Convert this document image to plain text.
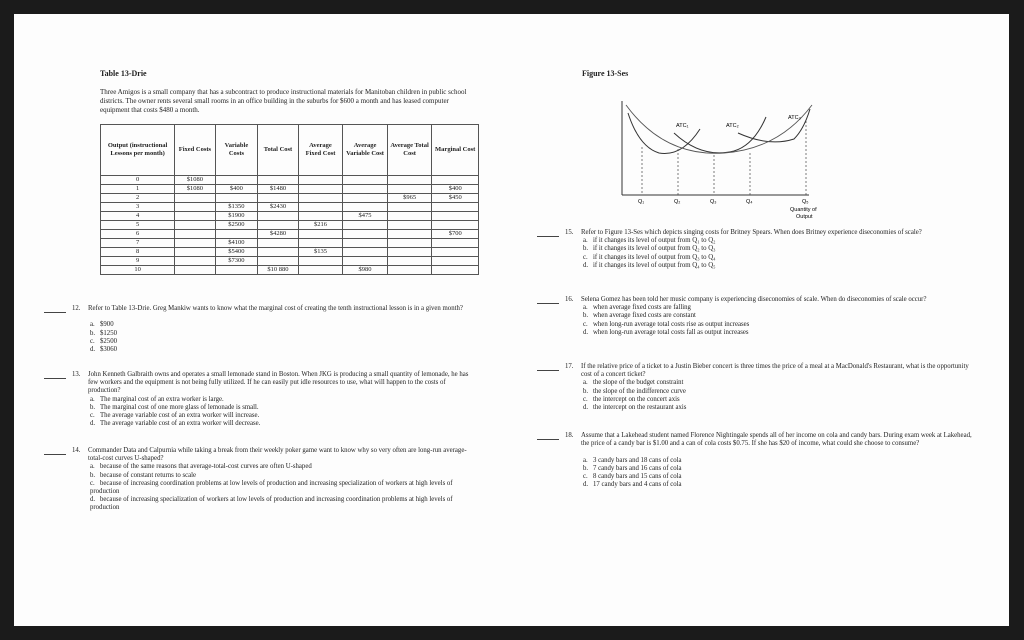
Table 13-Drie
Three Amigos is a small company that has a subcontract to produce instructional materials for Manitoban children in public school districts. The owner rents several small rooms in an office building in the suburbs for $600 a month and has leased computer equipment that costs $480 a month.
Output (instructional Lessons per month)	Fixed Costs	Variable Costs	Total Cost	Average Fixed Cost	Average Variable Cost	Average Total Cost	Marginal Cost
0	$1080						
1	$1080	$400	$1480				$400
2						$965	$450
3		$1350	$2430				
4		$1900			$475		
5		$2500		$216			
6			$4280				$700
7		$4100					
8		$5400		$135			
9		$7300					
10			$10 880		$980		
12. Refer to Table 13-Drie. Greg Mankiw wants to know what the marginal cost of creating the tenth instructional lesson is in a given month?
a. $900
b. $1250
c. $2500
d. $3060
13. John Kenneth Galbraith owns and operates a small lemonade stand in Boston. When JKG is producing a small quantity of lemonade, he has few workers and the equipment is not being fully utilized. If he can easily put idle resources to use, what will happen to the costs of production?
a. The marginal cost of an extra worker is large.
b. The marginal cost of one more glass of lemonade is small.
c. The average variable cost of an extra worker will increase.
d. The average variable cost of an extra worker will decrease.
14. Commander Data and Calpurnia while taking a break from their weekly poker game want to know why so very often are long-run average-total-cost curves U-shaped?
a. because of the same reasons that average-total-cost curves are often U-shaped
b. because of constant returns to scale
c. because of increasing coordination problems at low levels of production and increasing specialization of workers at high levels of production
d. because of increasing specialization of workers at low levels of production and increasing coordination problems at high levels of production
Figure 13-Ses
ATC₁	ATC₂
ATC₃
Q₁	Q₂	Q₃	Q₄	Q₅
Quantity of
Output
15. Refer to Figure 13-Ses which depicts singing costs for Britney Spears. When does Britney experience diseconomies of scale?
a. if it changes its level of output from Q₁ to Q₂
b. if it changes its level of output from Q₂ to Q₃
c. if it changes its level of output from Q₃ to Q₄
d. if it changes its level of output from Q₄ to Q₅
16. Selena Gomez has been told her music company is experiencing diseconomies of scale. When do diseconomies of scale occur?
a. when average fixed costs are falling
b. when average fixed costs are constant
c. when long-run average total costs rise as output increases
d. when long-run average total costs fall as output increases
17. If the relative price of a ticket to a Justin Bieber concert is three times the price of a meal at a MacDonald's Restaurant, what is the opportunity cost of a concert ticket?
a. the slope of the budget constraint
b. the slope of the indifference curve
c. the intercept on the concert axis
d. the intercept on the restaurant axis
18. Assume that a Lakehead student named Florence Nightingale spends all of her income on cola and candy bars. During exam week at Lakehead, the price of a candy bar is $1.00 and a can of cola costs $0.75. If she has $20 of income, what could she choose to consume?
a. 3 candy bars and 18 cans of cola
b. 7 candy bars and 16 cans of cola
c. 8 candy bars and 15 cans of cola
d. 17 candy bars and 4 cans of cola
